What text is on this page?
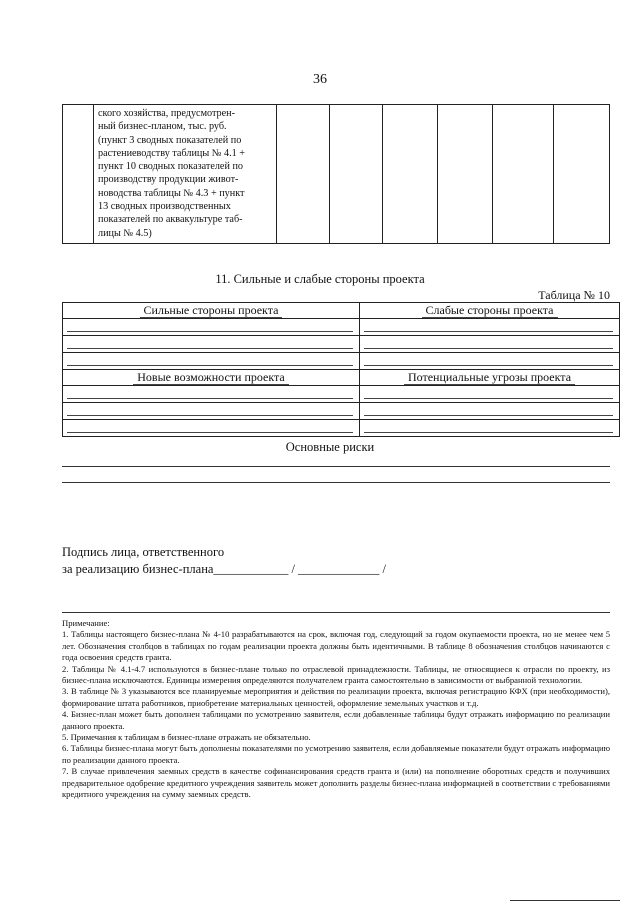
36

ского хозяйства, предусмотрен-
ный бизнес-планом, тыс. руб.
(пункт 3 сводных показателей по
растениеводству таблицы № 4.1 +
пункт 10 сводных показателей по
производству продукции живот-
новодства таблицы № 4.3 + пункт
13 сводных производственных
показателей по аквакультуре таб-
лицы № 4.5)

11. Сильные и слабые стороны проекта
Таблица № 10
Сильные стороны проекта	Слабые стороны проекта

Новые возможности проекта	Потенциальные угрозы проекта

Основные риски
Подпись лица, ответственного
за реализацию бизнес-плана____________ / _____________ /

Примечание:

1. Таблицы настоящего бизнес-плана № 4-10 разрабатываются на срок, включая год, следующий за годом окупаемости проекта, но не менее чем 5 лет. Обозначения столбцов в таблицах по годам реализации проекта должны быть идентичными. В таблице 8 обозначения столбцов начинаются с года освоения средств гранта.

2. Таблицы № 4.1-4.7 используются в бизнес-плане только по отраслевой принадлежности. Таблицы, не относящиеся к отрасли по проекту, из бизнес-плана исключаются. Единицы измерения определяются получателем гранта самостоятельно в зависимости от выбранной технологии.

3. В таблице № 3 указываются все планируемые мероприятия и действия по реализации проекта, включая регистрацию КФХ (при необходимости), формирование штата работников, приобретение материальных ценностей, оформление земельных участков и т.д.

4. Бизнес-план может быть дополнен таблицами по усмотрению заявителя, если добавленные таблицы будут отражать информацию по реализации данного проекта.

5. Примечания к таблицам в бизнес-плане отражать не обязательно.

6. Таблицы бизнес-плана могут быть дополнены показателями по усмотрению заявителя, если добавляемые показатели будут отражать информацию по реализации данного проекта.

7. В случае привлечения заемных средств в качестве софинансирования средств гранта и (или) на пополнение оборотных средств и получивших предварительное одобрение кредитного учреждения заявитель может дополнить разделы бизнес-плана информацией в соответствии с требованиями кредитного учреждения на сумму заемных средств.
